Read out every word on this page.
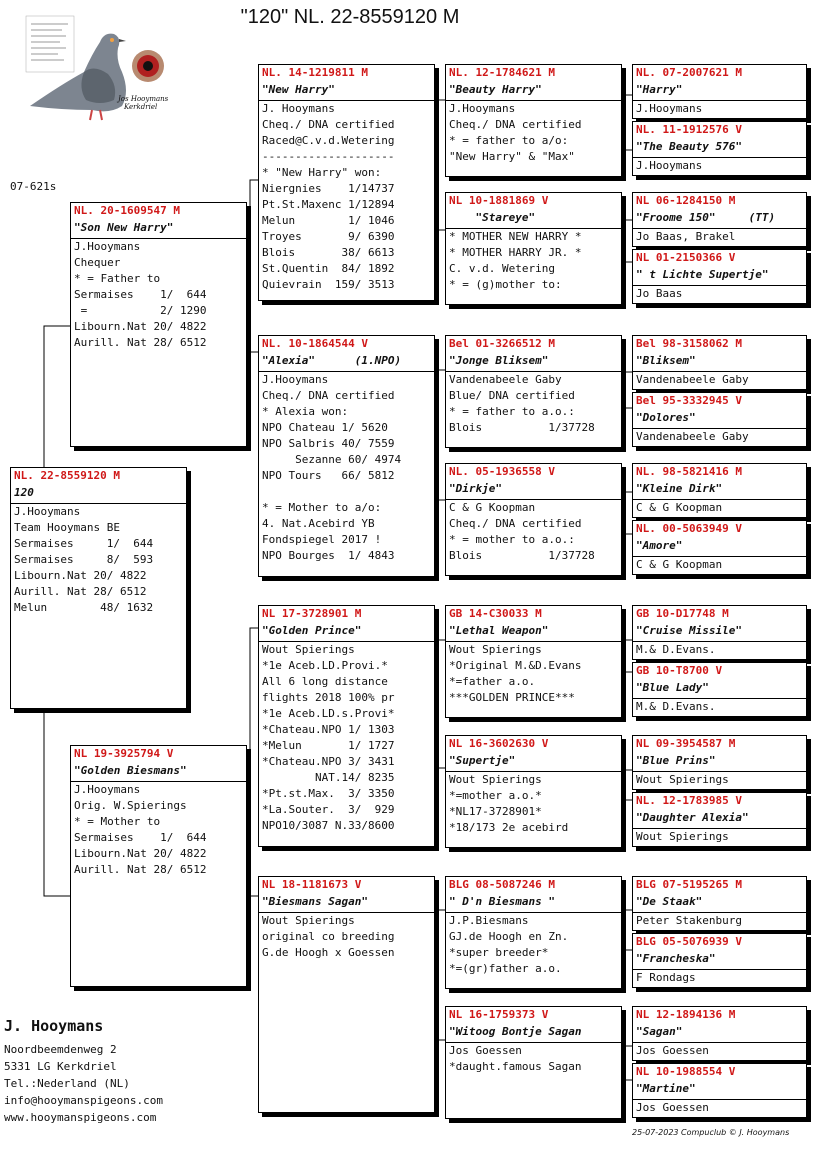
"120" NL. 22-8559120 M
07-621s
Jos Hooymans
Kerkdriel
NL. 22-8559120 M
120
J.Hooymans
Team Hooymans BE
Sermaises     1/  644
Sermaises     8/  593
Libourn.Nat 20/ 4822
Aurill. Nat 28/ 6512
Melun        48/ 1632
NL. 20-1609547 M
"Son New Harry"
J.Hooymans
Chequer
* = Father to
Sermaises    1/  644
=           2/ 1290
Libourn.Nat 20/ 4822
Aurill. Nat 28/ 6512
NL 19-3925794 V
"Golden Biesmans"
J.Hooymans
Orig. W.Spierings
* = Mother to
Sermaises    1/  644
Libourn.Nat 20/ 4822
Aurill. Nat 28/ 6512
NL. 14-1219811 M
"New Harry"
J. Hooymans
Cheq./ DNA certified
Raced@C.v.d.Wetering
--------------------
* "New Harry" won:
Niergnies    1/14737
Pt.St.Maxenc 1/12894
Melun        1/ 1046
Troyes       9/ 6390
Blois       38/ 6613
St.Quentin  84/ 1892
Quievrain  159/ 3513
NL. 10-1864544 V
"Alexia"      (1.NPO)
J.Hooymans
Cheq./ DNA certified
* Alexia won:
NPO Chateau 1/ 5620
NPO Salbris 40/ 7559
Sezanne 60/ 4974
NPO Tours   66/ 5812
* = Mother to a/o:
4. Nat.Acebird YB
Fondspiegel 2017 !
NPO Bourges  1/ 4843
NL 17-3728901 M
"Golden Prince"
Wout Spierings
*1e Aceb.LD.Provi.*
All 6 long distance
flights 2018 100% pr
*1e Aceb.LD.s.Provi*
*Chateau.NPO 1/ 1303
*Melun       1/ 1727
*Chateau.NPO 3/ 3431
NAT.14/ 8235
*Pt.st.Max.  3/ 3350
*La.Souter.  3/  929
NPO10/3087 N.33/8600
NL 18-1181673 V
"Biesmans Sagan"
Wout Spierings
original co breeding
G.de Hoogh x Goessen
NL. 12-1784621 M
"Beauty Harry"
J.Hooymans
Cheq./ DNA certified
* = father to a/o:
"New Harry" & "Max"
NL 10-1881869 V
"Stareye"
* MOTHER NEW HARRY *
* MOTHER HARRY JR. *
C. v.d. Wetering
* = (g)mother to:
Bel 01-3266512 M
"Jonge Bliksem"
Vandenabeele Gaby
Blue/ DNA certified
* = father to a.o.:
Blois          1/37728
NL. 05-1936558 V
"Dirkje"
C & G Koopman
Cheq./ DNA certified
* = mother to a.o.:
Blois          1/37728
GB 14-C30033 M
"Lethal Weapon"
Wout Spierings
*Original M.&D.Evans
*=father a.o.
***GOLDEN PRINCE***
NL 16-3602630 V
"Supertje"
Wout Spierings
*=mother a.o.*
*NL17-3728901*
*18/173 2e acebird
BLG 08-5087246 M
" D'n Biesmans "
J.P.Biesmans
GJ.de Hoogh en Zn.
*super breeder*
*=(gr)father a.o.
NL 16-1759373 V
"Witoog Bontje Sagan
Jos Goessen
*daught.famous Sagan
NL. 07-2007621 M
"Harry"
J.Hooymans
NL. 11-1912576 V
"The Beauty 576"
J.Hooymans
NL 06-1284150 M
"Froome 150"     (TT)
Jo Baas, Brakel
NL 01-2150366 V
" t Lichte Supertje"
Jo Baas
Bel 98-3158062 M
"Bliksem"
Vandenabeele Gaby
Bel 95-3332945 V
"Dolores"
Vandenabeele Gaby
NL. 98-5821416 M
"Kleine Dirk"
C & G Koopman
NL. 00-5063949 V
"Amore"
C & G Koopman
GB 10-D17748 M
"Cruise Missile"
M.& D.Evans.
GB 10-T8700 V
"Blue Lady"
M.& D.Evans.
NL 09-3954587 M
"Blue Prins"
Wout Spierings
NL. 12-1783985 V
"Daughter Alexia"
Wout Spierings
BLG 07-5195265 M
"De Staak"
Peter Stakenburg
BLG 05-5076939 V
"Francheska"
F Rondags
NL 12-1894136 M
"Sagan"
Jos Goessen
NL 10-1988554 V
"Martine"
Jos Goessen
J. Hooymans
Noordbeemdenweg 2
5331 LG Kerkdriel
Tel.:Nederland (NL)
info@hooymanspigeons.com
www.hooymanspigeons.com
25-07-2023 Compuclub © J. Hooymans
